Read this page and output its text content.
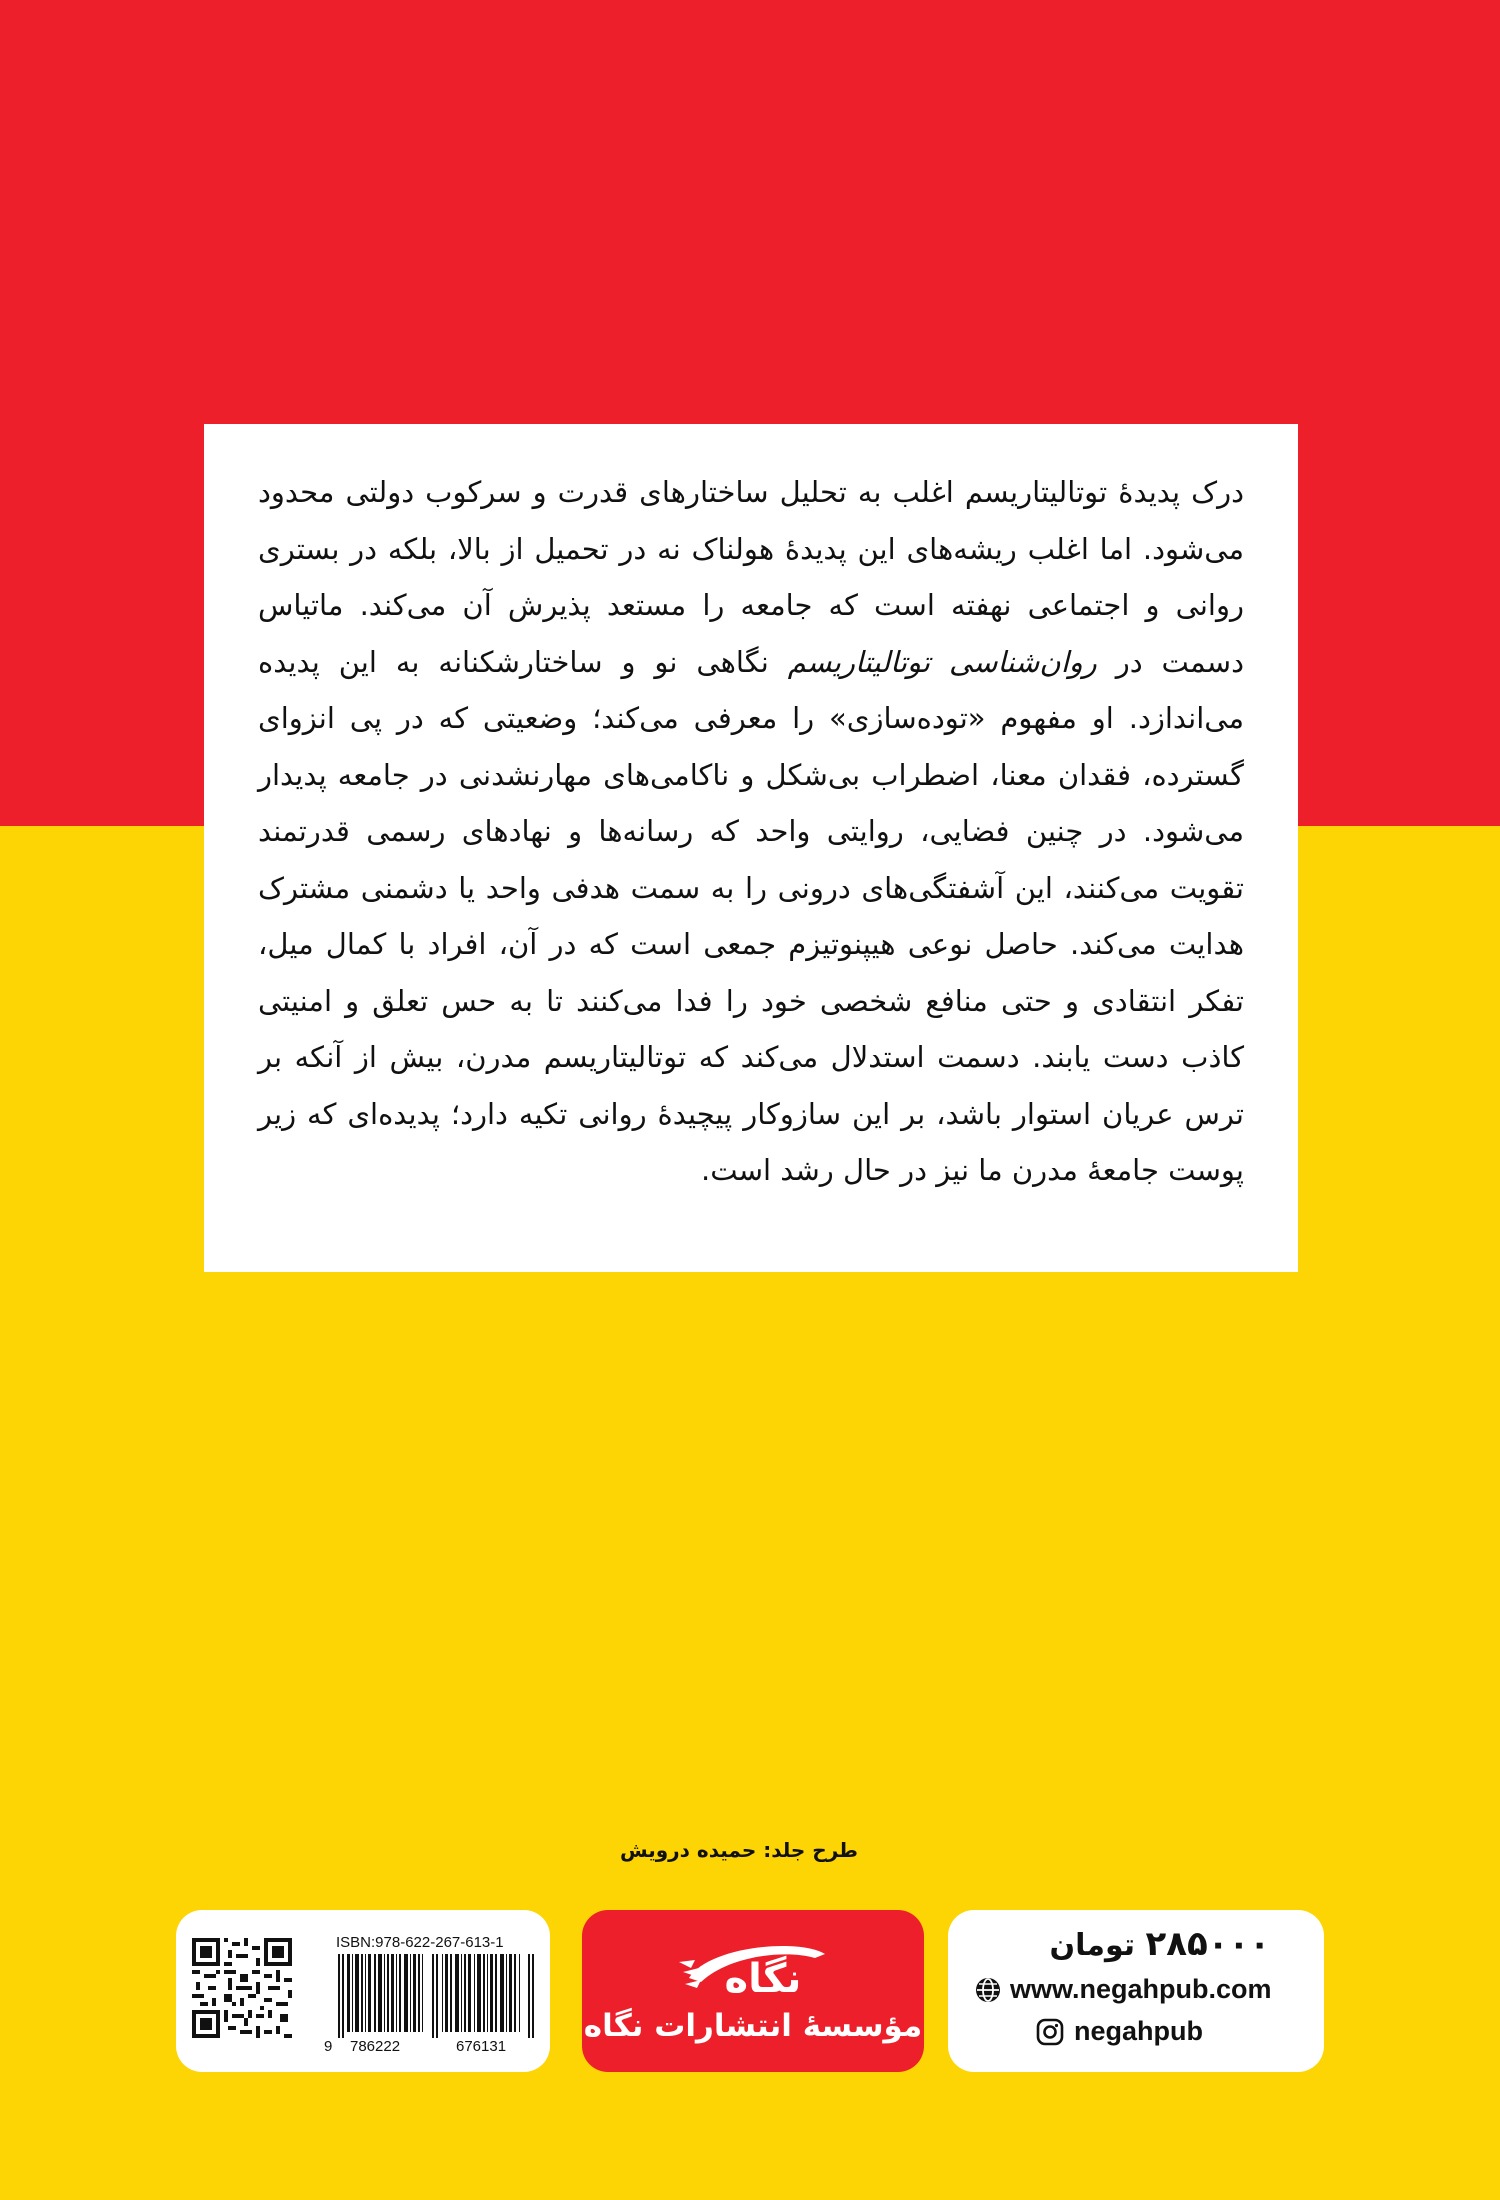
درک پدیدهٔ توتالیتاریسم اغلب به تحلیل ساختارهای قدرت و سرکوب دولتی محدود می‌شود. اما اغلب ریشه‌های این پدیدهٔ هولناک نه در تحمیل از بالا، بلکه در بستری روانی و اجتماعی نهفته است که جامعه را مستعد پذیرش آن می‌کند. ماتیاس دسمت در روان‌شناسی توتالیتاریسم نگاهی نو و ساختارشکنانه به این پدیده می‌اندازد. او مفهوم «توده‌سازی» را معرفی می‌کند؛ وضعیتی که در پی انزوای گسترده، فقدان معنا، اضطراب بی‌شکل و ناکامی‌های مهارنشدنی در جامعه پدیدار می‌شود. در چنین فضایی، روایتی واحد که رسانه‌ها و نهادهای رسمی قدرتمند تقویت می‌کنند، این آشفتگی‌های درونی را به سمت هدفی واحد یا دشمنی مشترک هدایت می‌کند. حاصل نوعی هیپنوتیزم جمعی است که در آن، افراد با کمال میل، تفکر انتقادی و حتی منافع شخصی خود را فدا می‌کنند تا به حس تعلق و امنیتی کاذب دست یابند. دسمت استدلال می‌کند که توتالیتاریسم مدرن، بیش از آنکه بر ترس عریان استوار باشد، بر این سازوکار پیچیدهٔ روانی تکیه دارد؛ پدیده‌ای که زیر پوست جامعهٔ مدرن ما نیز در حال رشد است.

طرح جلد: حمیده درویش
ISBN:978-622-267-613-1
9 786222	676131
نگاه
مؤسسهٔ انتشارات نگاه
۲۸۵۰۰۰ تومان
www.negahpub.com
negahpub
